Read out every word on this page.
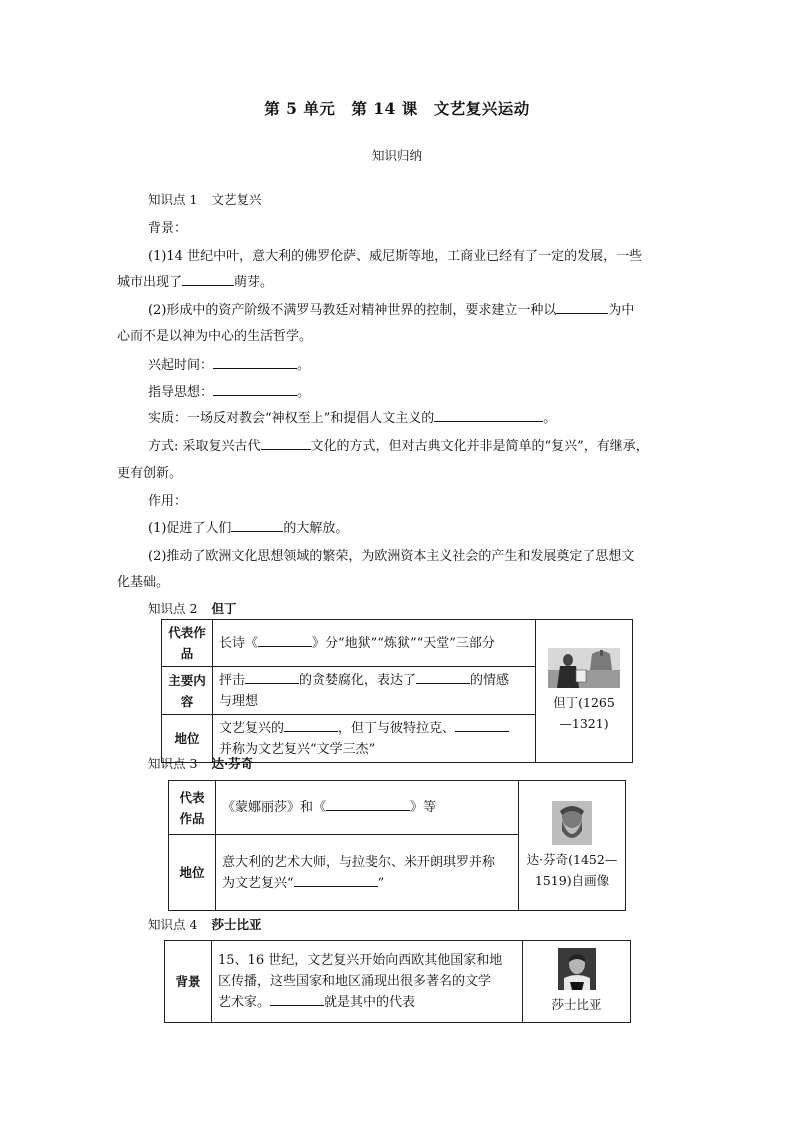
第 5 单元　第 14 课　文艺复兴运动
知识归纳
知识点 1 文艺复兴
背景：
(1)14 世纪中叶，意大利的佛罗伦萨、威尼斯等地，工商业已经有了一定的发展，一些
城市出现了	萌芽。
(2)形成中的资产阶级不满罗马教廷对精神世界的控制，要求建立一种以	为中
心而不是以神为中心的生活哲学。
兴起时间：	。
指导思想：	。
实质：一场反对教会“神权至上”和提倡人文主义的	。
方式: 采取复兴古代	文化的方式，但对古典文化并非是简单的“复兴”，有继承，
更有创新。
作用：
(1)促进了人们	的大解放。
(2)推动了欧洲文化思想领域的繁荣，为欧洲资本主义社会的产生和发展奠定了思想文
化基础。
知识点 2 但丁
代表作品	长诗《 》分“地狱”“炼狱”“天堂”三部分	但丁(1265
—1321)

主要内容	抨击 的贪婪腐化，表达了 的情感
与理想	
地位	文艺复兴的 ，但丁与彼特拉克、
并称为文艺复兴“文学三杰”	
知识点 3 达·芬奇
代表作品	《蒙娜丽莎》和《 》等	达·芬奇(1452—
1519)自画像

地位	意大利的艺术大师，与拉斐尔、米开朗琪罗并称
为文艺复兴“ ”	
知识点 4 莎士比亚
背景	15、16 世纪，文艺复兴开始向西欧其他国家和地
区传播，这些国家和地区涌现出很多著名的文学
艺术家。	就是其中的代表	莎士比亚
